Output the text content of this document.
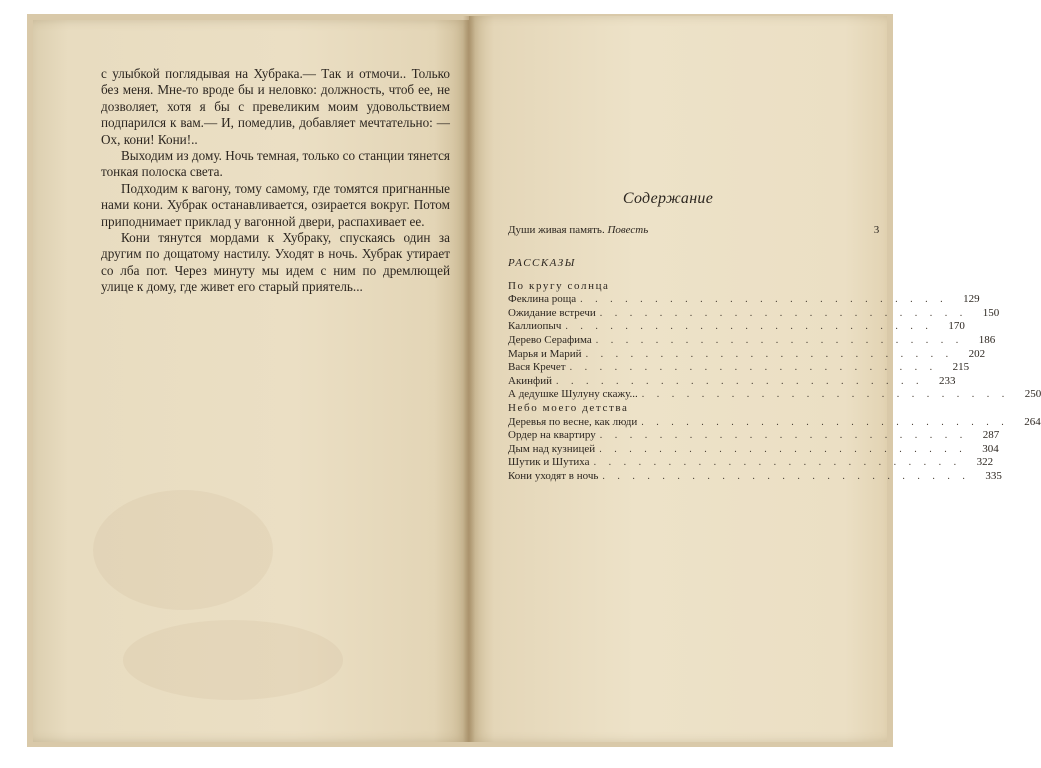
с улыбкой поглядывая на Хубрака.— Так и отмочи.. Только без меня. Мне-то вроде бы и неловко: должность, чтоб ее, не дозволяет, хотя я бы с превеликим моим удовольствием подпарился к вам.— И, помедлив, добавляет мечтательно: — Ох, кони! Кони!..

Выходим из дому. Ночь темная, только со станции тянется тонкая полоска света.

Подходим к вагону, тому самому, где томятся пригнанные нами кони. Хубрак останавливается, озирается вокруг. Потом приподнимает приклад у вагонной двери, распахивает ее.

Кони тянутся мордами к Хубраку, спускаясь один за другим по дощатому настилу. Уходят в ночь. Хубрак утирает со лба пот. Через минуту мы идем с ним по дремлющей улице к дому, где живет его старый приятель...

Содержание
Души живая память. Повесть	3
РАССКАЗЫ
По кругу солнца
Феклина роща . . . . . . . . . . . . . . . . . . . . . . . . .	129
Ожидание встречи . . . . . . . . . . . . . . . . . . . . . . . . .	150
Каллиопыч . . . . . . . . . . . . . . . . . . . . . . . . .	170
Дерево Серафима . . . . . . . . . . . . . . . . . . . . . . . . .	186
Марья и Марий . . . . . . . . . . . . . . . . . . . . . . . . .	202
Вася Кречет . . . . . . . . . . . . . . . . . . . . . . . . .	215
Акинфий . . . . . . . . . . . . . . . . . . . . . . . . .	233
А дедушке Шулуну скажу... . . . . . . . . . . . . . . . . . . . . . . . . .	250
Небо моего детства
Деревья по весне, как люди . . . . . . . . . . . . . . . . . . . . . . . . .	264
Ордер на квартиру . . . . . . . . . . . . . . . . . . . . . . . . .	287
Дым над кузницей . . . . . . . . . . . . . . . . . . . . . . . . .	304
Шутик и Шутиха . . . . . . . . . . . . . . . . . . . . . . . . .	322
Кони уходят в ночь . . . . . . . . . . . . . . . . . . . . . . . . .	335
